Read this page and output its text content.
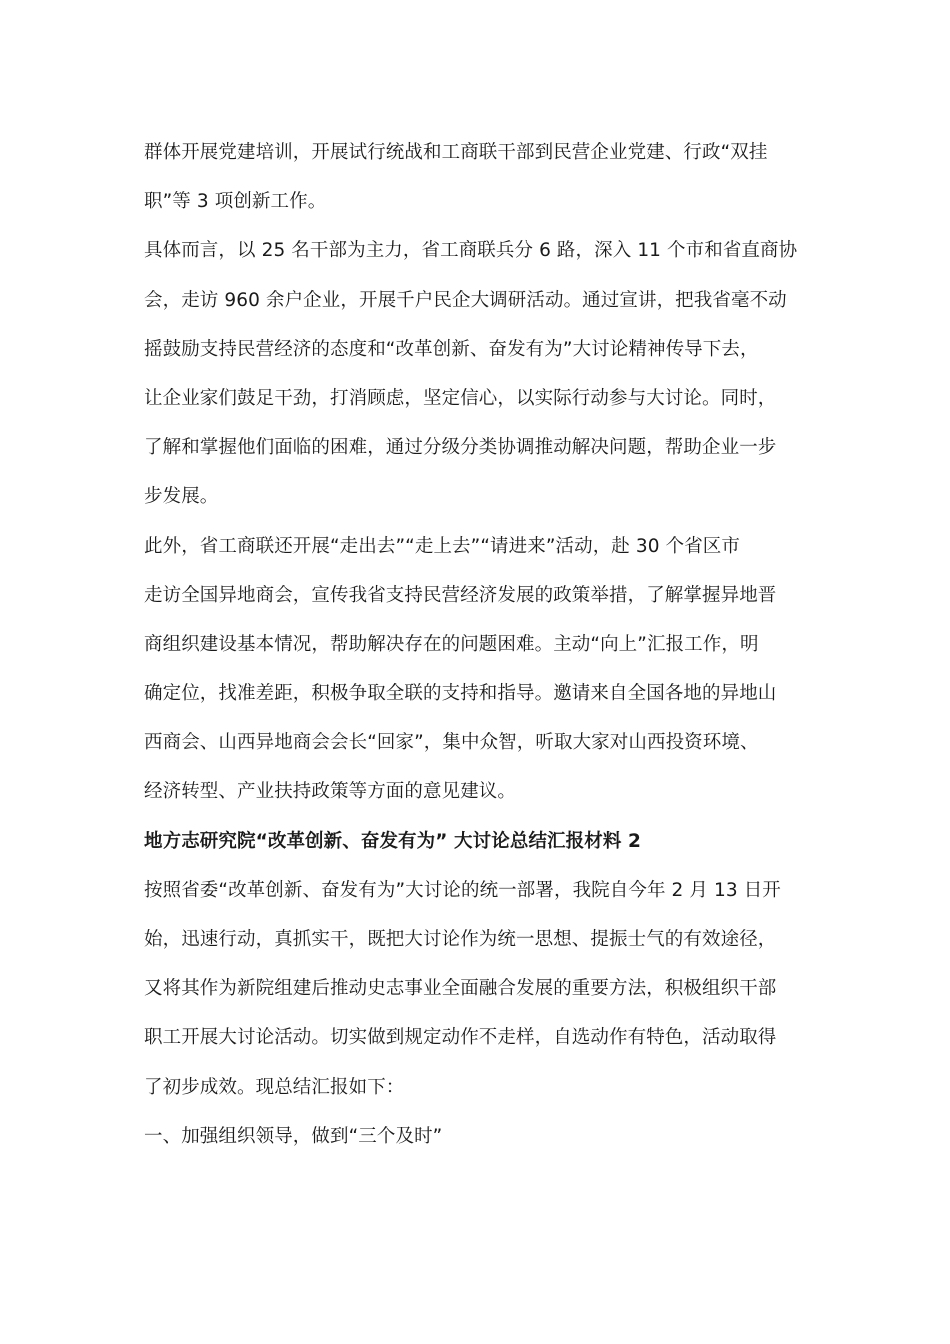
群体开展党建培训，开展试行统战和工商联干部到民营企业党建、行政“双挂
职”等 3 项创新工作。
具体而言，以 25 名干部为主力，省工商联兵分 6 路，深入 11 个市和省直商协
会，走访 960 余户企业，开展千户民企大调研活动。通过宣讲，把我省毫不动
摇鼓励支持民营经济的态度和“改革创新、奋发有为”大讨论精神传导下去，
让企业家们鼓足干劲，打消顾虑，坚定信心，以实际行动参与大讨论。同时，
了解和掌握他们面临的困难，通过分级分类协调推动解决问题，帮助企业一步
步发展。
此外，省工商联还开展“走出去”“走上去”“请进来”活动，赴 30 个省区市
走访全国异地商会，宣传我省支持民营经济发展的政策举措，了解掌握异地晋
商组织建设基本情况，帮助解决存在的问题困难。主动“向上”汇报工作，明
确定位，找准差距，积极争取全联的支持和指导。邀请来自全国各地的异地山
西商会、山西异地商会会长“回家”，集中众智，听取大家对山西投资环境、
经济转型、产业扶持政策等方面的意见建议。
地方志研究院“改革创新、奋发有为” 大讨论总结汇报材料 2
按照省委“改革创新、奋发有为”大讨论的统一部署，我院自今年 2 月 13 日开
始，迅速行动，真抓实干，既把大讨论作为统一思想、提振士气的有效途径，
又将其作为新院组建后推动史志事业全面融合发展的重要方法，积极组织干部
职工开展大讨论活动。切实做到规定动作不走样，自选动作有特色，活动取得
了初步成效。现总结汇报如下：
一、加强组织领导，做到“三个及时”
